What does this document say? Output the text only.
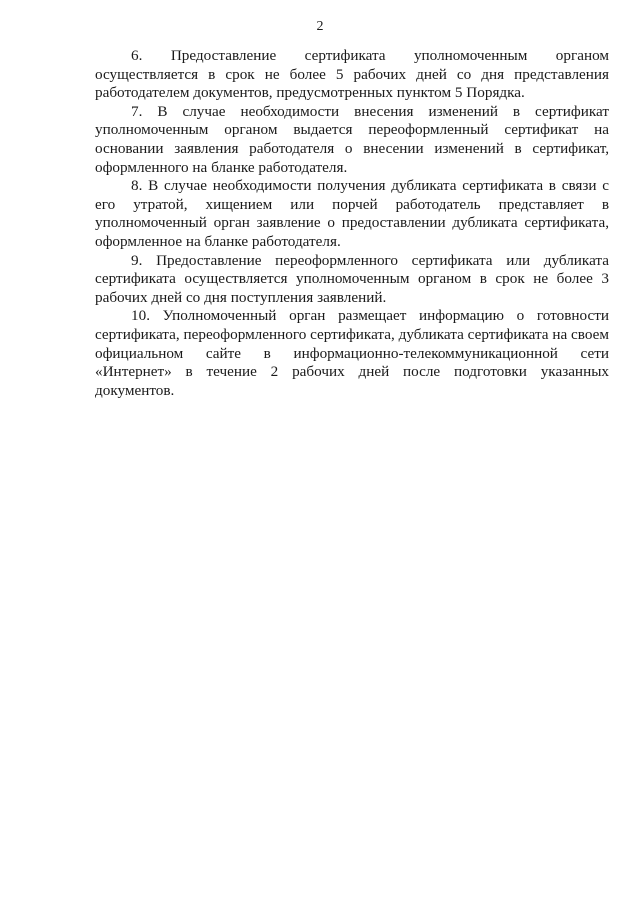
2

6. Предоставление сертификата уполномоченным органом осуществляется в срок не более 5 рабочих дней со дня представления работодателем документов, предусмотренных пунктом 5 Порядка.

7. В случае необходимости внесения изменений в сертификат уполномоченным органом выдается переоформленный сертификат на основании заявления работодателя о внесении изменений в сертификат, оформленного на бланке работодателя.

8. В случае необходимости получения дубликата сертификата в связи с его утратой, хищением или порчей работодатель представляет в уполномоченный орган заявление о предоставлении дубликата сертификата, оформленное на бланке работодателя.

9. Предоставление переоформленного сертификата или дубликата сертификата осуществляется уполномоченным органом в срок не более 3 рабочих дней со дня поступления заявлений.

10. Уполномоченный орган размещает информацию о готовности сертификата, переоформленного сертификата, дубликата сертификата на своем официальном сайте в информационно-телекоммуникационной сети «Интернет» в течение 2 рабочих дней после подготовки указанных документов.
